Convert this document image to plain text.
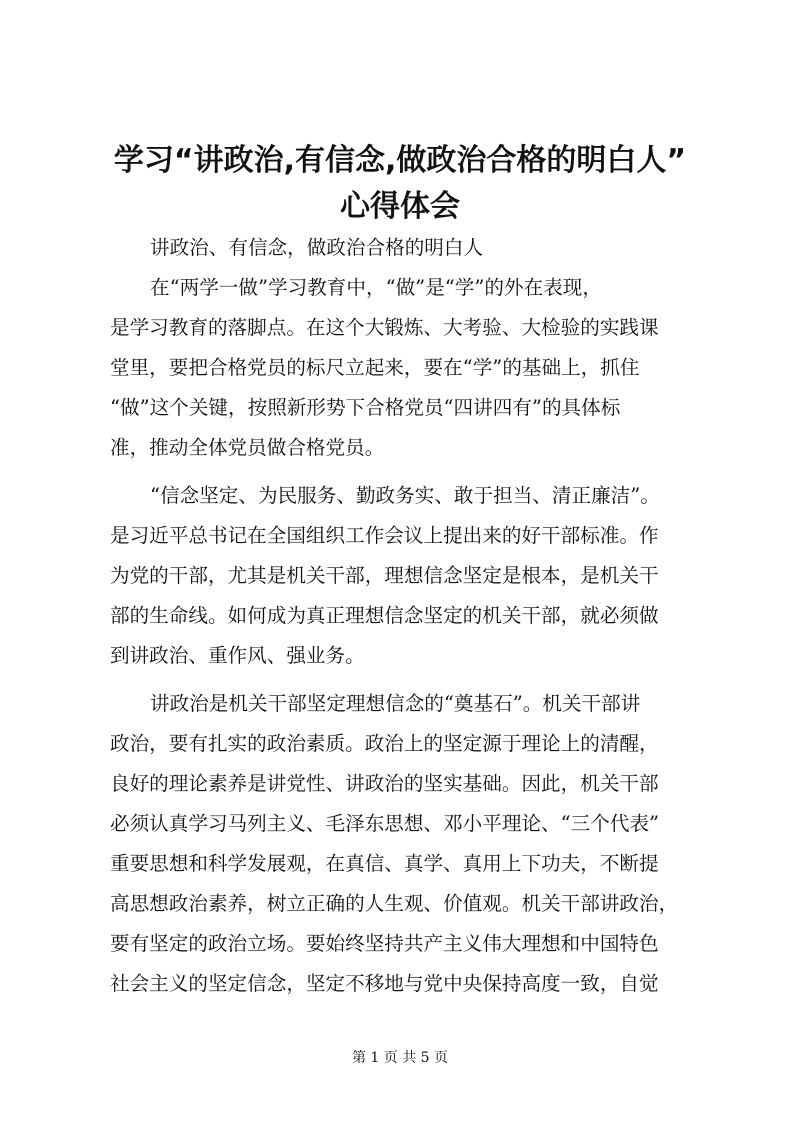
学习“讲政治,有信念,做政治合格的明白人”
心得体会
讲政治、有信念，做政治合格的明白人
在“两学一做”学习教育中，“做”是“学”的外在表现，
是学习教育的落脚点。在这个大锻炼、大考验、大检验的实践课
堂里，要把合格党员的标尺立起来，要在“学”的基础上，抓住
“做”这个关键，按照新形势下合格党员“四讲四有”的具体标
准，推动全体党员做合格党员。
“信念坚定、为民服务、勤政务实、敢于担当、清正廉洁”。
是习近平总书记在全国组织工作会议上提出来的好干部标准。作
为党的干部，尤其是机关干部，理想信念坚定是根本，是机关干
部的生命线。如何成为真正理想信念坚定的机关干部，就必须做
到讲政治、重作风、强业务。
讲政治是机关干部坚定理想信念的“奠基石”。机关干部讲
政治，要有扎实的政治素质。政治上的坚定源于理论上的清醒，
良好的理论素养是讲党性、讲政治的坚实基础。因此，机关干部
必须认真学习马列主义、毛泽东思想、邓小平理论、“三个代表”
重要思想和科学发展观，在真信、真学、真用上下功夫，不断提
高思想政治素养，树立正确的人生观、价值观。机关干部讲政治，
要有坚定的政治立场。要始终坚持共产主义伟大理想和中国特色
社会主义的坚定信念，坚定不移地与党中央保持高度一致，自觉
第 1 页 共 5 页
